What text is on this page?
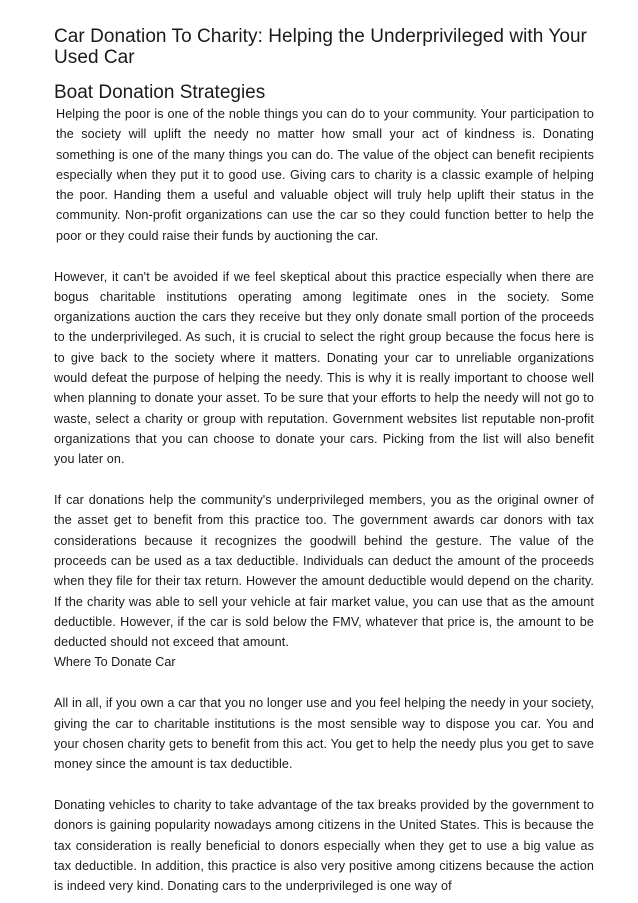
Car Donation To Charity: Helping the Underprivileged with Your Used Car
Boat Donation Strategies

Helping the poor is one of the noble things you can do to your community. Your participation to the society will uplift the needy no matter how small your act of kindness is. Donating something is one of the many things you can do. The value of the object can benefit recipients especially when they put it to good use. Giving cars to charity is a classic example of helping the poor. Handing them a useful and valuable object will truly help uplift their status in the community. Non-profit organizations can use the car so they could function better to help the poor or they could raise their funds by auctioning the car.

However, it can't be avoided if we feel skeptical about this practice especially when there are bogus charitable institutions operating among legitimate ones in the society. Some organizations auction the cars they receive but they only donate small portion of the proceeds to the underprivileged. As such, it is crucial to select the right group because the focus here is to give back to the society where it matters. Donating your car to unreliable organizations would defeat the purpose of helping the needy. This is why it is really important to choose well when planning to donate your asset. To be sure that your efforts to help the needy will not go to waste, select a charity or group with reputation. Government websites list reputable non-profit organizations that you can choose to donate your cars. Picking from the list will also benefit you later on.

If car donations help the community's underprivileged members, you as the original owner of the asset get to benefit from this practice too. The government awards car donors with tax considerations because it recognizes the goodwill behind the gesture. The value of the proceeds can be used as a tax deductible. Individuals can deduct the amount of the proceeds when they file for their tax return. However the amount deductible would depend on the charity. If the charity was able to sell your vehicle at fair market value, you can use that as the amount deductible. However, if the car is sold below the FMV, whatever that price is, the amount to be deducted should not exceed that amount.

Where To Donate Car

All in all, if you own a car that you no longer use and you feel helping the needy in your society, giving the car to charitable institutions is the most sensible way to dispose you car. You and your chosen charity gets to benefit from this act. You get to help the needy plus you get to save money since the amount is tax deductible.

Donating vehicles to charity to take advantage of the tax breaks provided by the government to donors is gaining popularity nowadays among citizens in the United States. This is because the tax consideration is really beneficial to donors especially when they get to use a big value as tax deductible. In addition, this practice is also very positive among citizens because the action is indeed very kind. Donating cars to the underprivileged is one way of
